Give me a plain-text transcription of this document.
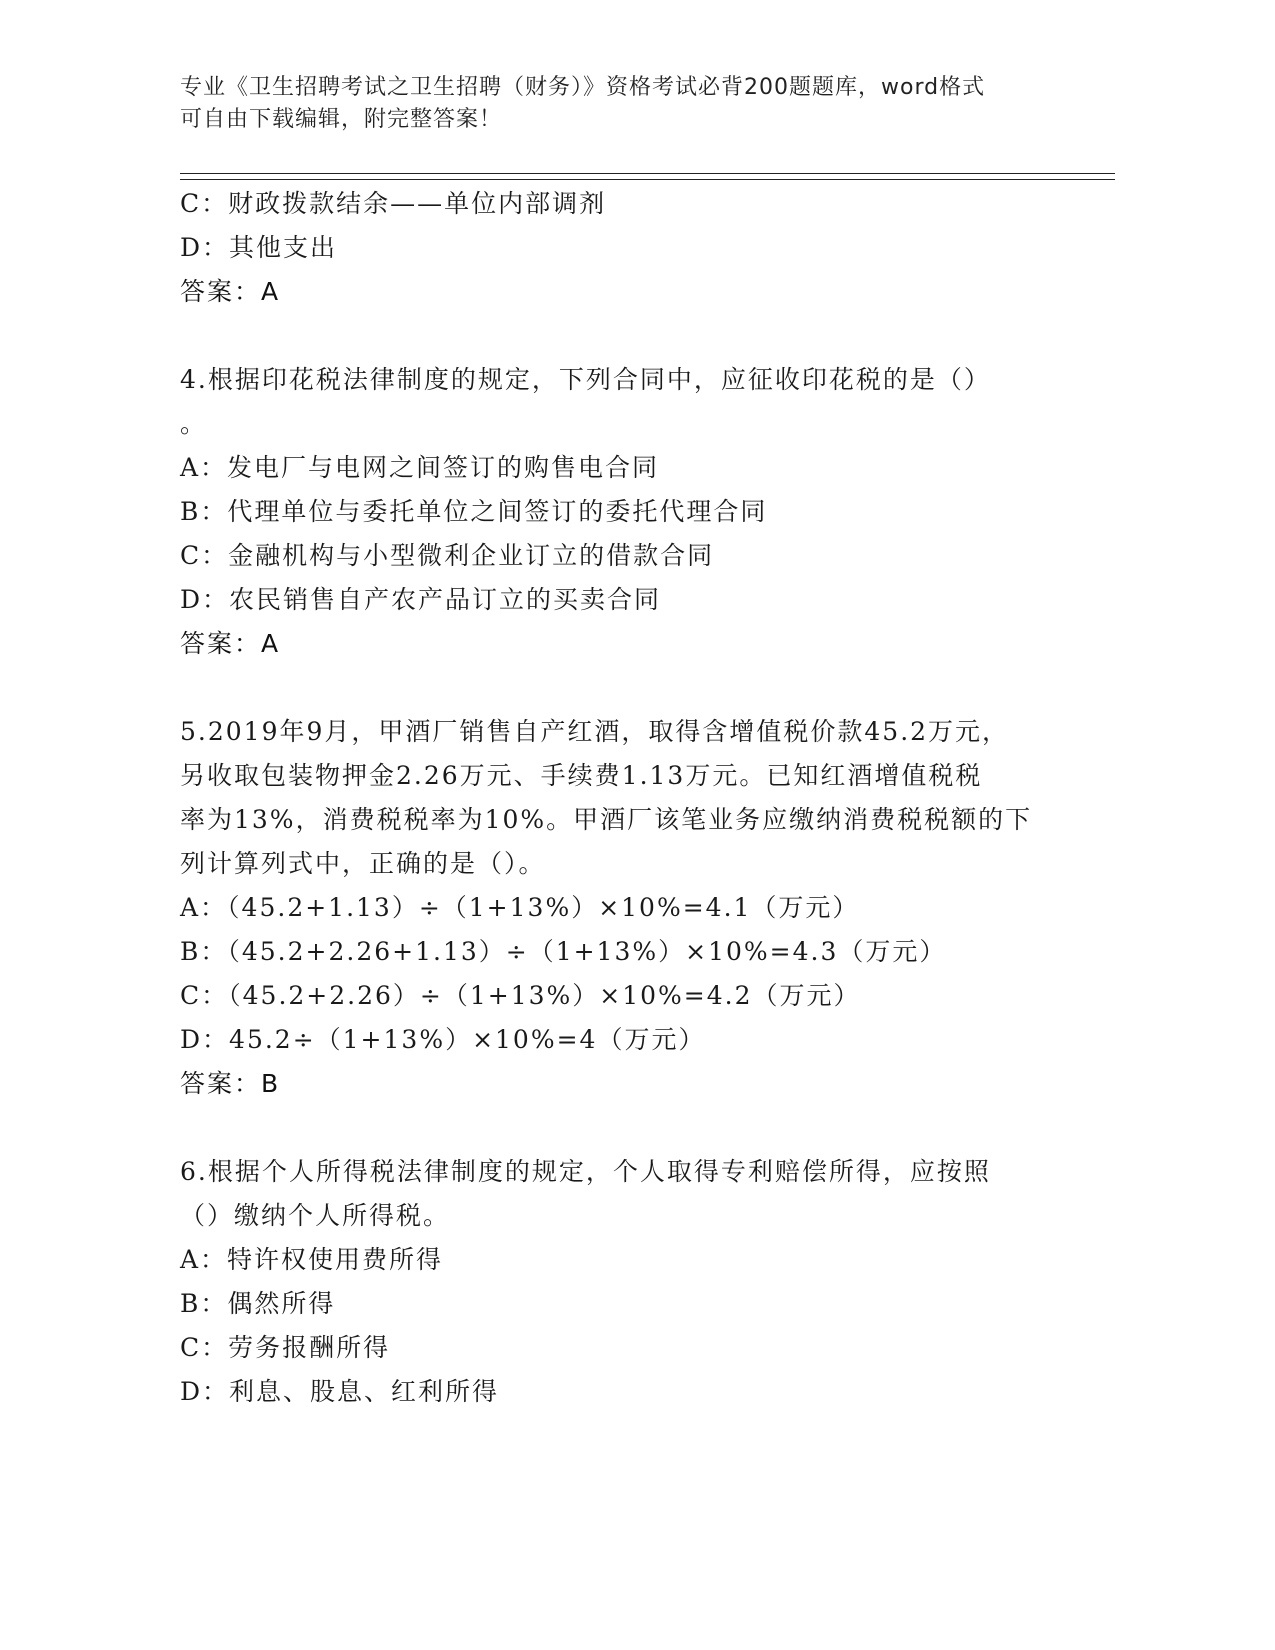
专业《卫生招聘考试之卫生招聘（财务）》资格考试必背200题题库，word格式
可自由下载编辑，附完整答案！
C：财政拨款结余——单位内部调剂
D：其他支出
答案：A
4.根据印花税法律制度的规定，下列合同中，应征收印花税的是（）
。
A：发电厂与电网之间签订的购售电合同
B：代理单位与委托单位之间签订的委托代理合同
C：金融机构与小型微利企业订立的借款合同
D：农民销售自产农产品订立的买卖合同
答案：A
5.2019年9月，甲酒厂销售自产红酒，取得含增值税价款45.2万元，
另收取包装物押金2.26万元、手续费1.13万元。已知红酒增值税税
率为13%，消费税税率为10%。甲酒厂该笔业务应缴纳消费税税额的下
列计算列式中，正确的是（）。
A：（45.2+1.13）÷（1+13%）×10%=4.1（万元）
B：（45.2+2.26+1.13）÷（1+13%）×10%=4.3（万元）
C：（45.2+2.26）÷（1+13%）×10%=4.2（万元）
D：45.2÷（1+13%）×10%=4（万元）
答案：B
6.根据个人所得税法律制度的规定，个人取得专利赔偿所得，应按照
（）缴纳个人所得税。
A：特许权使用费所得
B：偶然所得
C：劳务报酬所得
D：利息、股息、红利所得
